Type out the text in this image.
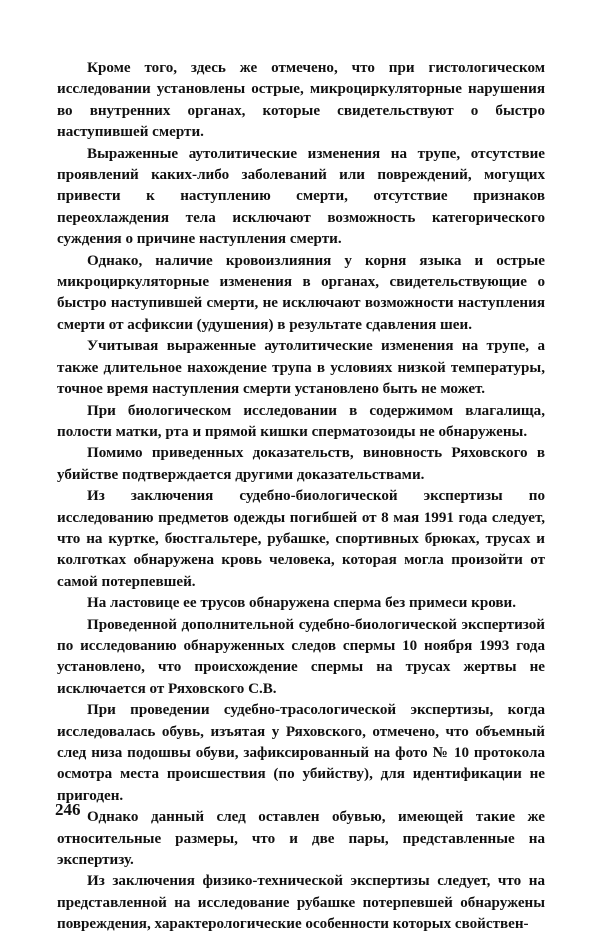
Кроме того, здесь же отмечено, что при гистологическом исследовании установлены острые, микроциркуляторные нарушения во внутренних органах, которые свидетельствуют о быстро наступившей смерти.

Выраженные аутолитические изменения на трупе, отсутствие проявлений каких-либо заболеваний или повреждений, могущих привести к наступлению смерти, отсутствие признаков переохлаждения тела исключают возможность категорического суждения о причине наступления смерти.

Однако, наличие кровоизлияния у корня языка и острые микроциркуляторные изменения в органах, свидетельствующие о быстро наступившей смерти, не исключают возможности наступления смерти от асфиксии (удушения) в результате сдавления шеи.

Учитывая выраженные аутолитические изменения на трупе, а также длительное нахождение трупа в условиях низкой температуры, точное время наступления смерти установлено быть не может.

При биологическом исследовании в содержимом влагалища, полости матки, рта и прямой кишки сперматозоиды не обнаружены.

Помимо приведенных доказательств, виновность Ряховского в убийстве подтверждается другими доказательствами.

Из заключения судебно-биологической экспертизы по исследованию предметов одежды погибшей от 8 мая 1991 года следует, что на куртке, бюстгальтере, рубашке, спортивных брюках, трусах и колготках обнаружена кровь человека, которая могла произойти от самой потерпевшей.

На ластовице ее трусов обнаружена сперма без примеси крови.

Проведенной дополнительной судебно-биологической экспертизой по исследованию обнаруженных следов спермы 10 ноября 1993 года установлено, что происхождение спермы на трусах жертвы не исключается от Ряховского С.В.

При проведении судебно-трасологической экспертизы, когда исследовалась обувь, изъятая у Ряховского, отмечено, что объемный след низа подошвы обуви, зафиксированный на фото № 10 протокола осмотра места происшествия (по убийству), для идентификации не пригоден.

Однако данный след оставлен обувью, имеющей такие же относительные размеры, что и две пары, представленные на экспертизу.

Из заключения физико-технической экспертизы следует, что на представленной на исследование рубашке потерпевшей обнаружены повреждения, характерологические особенности которых свойствен-

246
